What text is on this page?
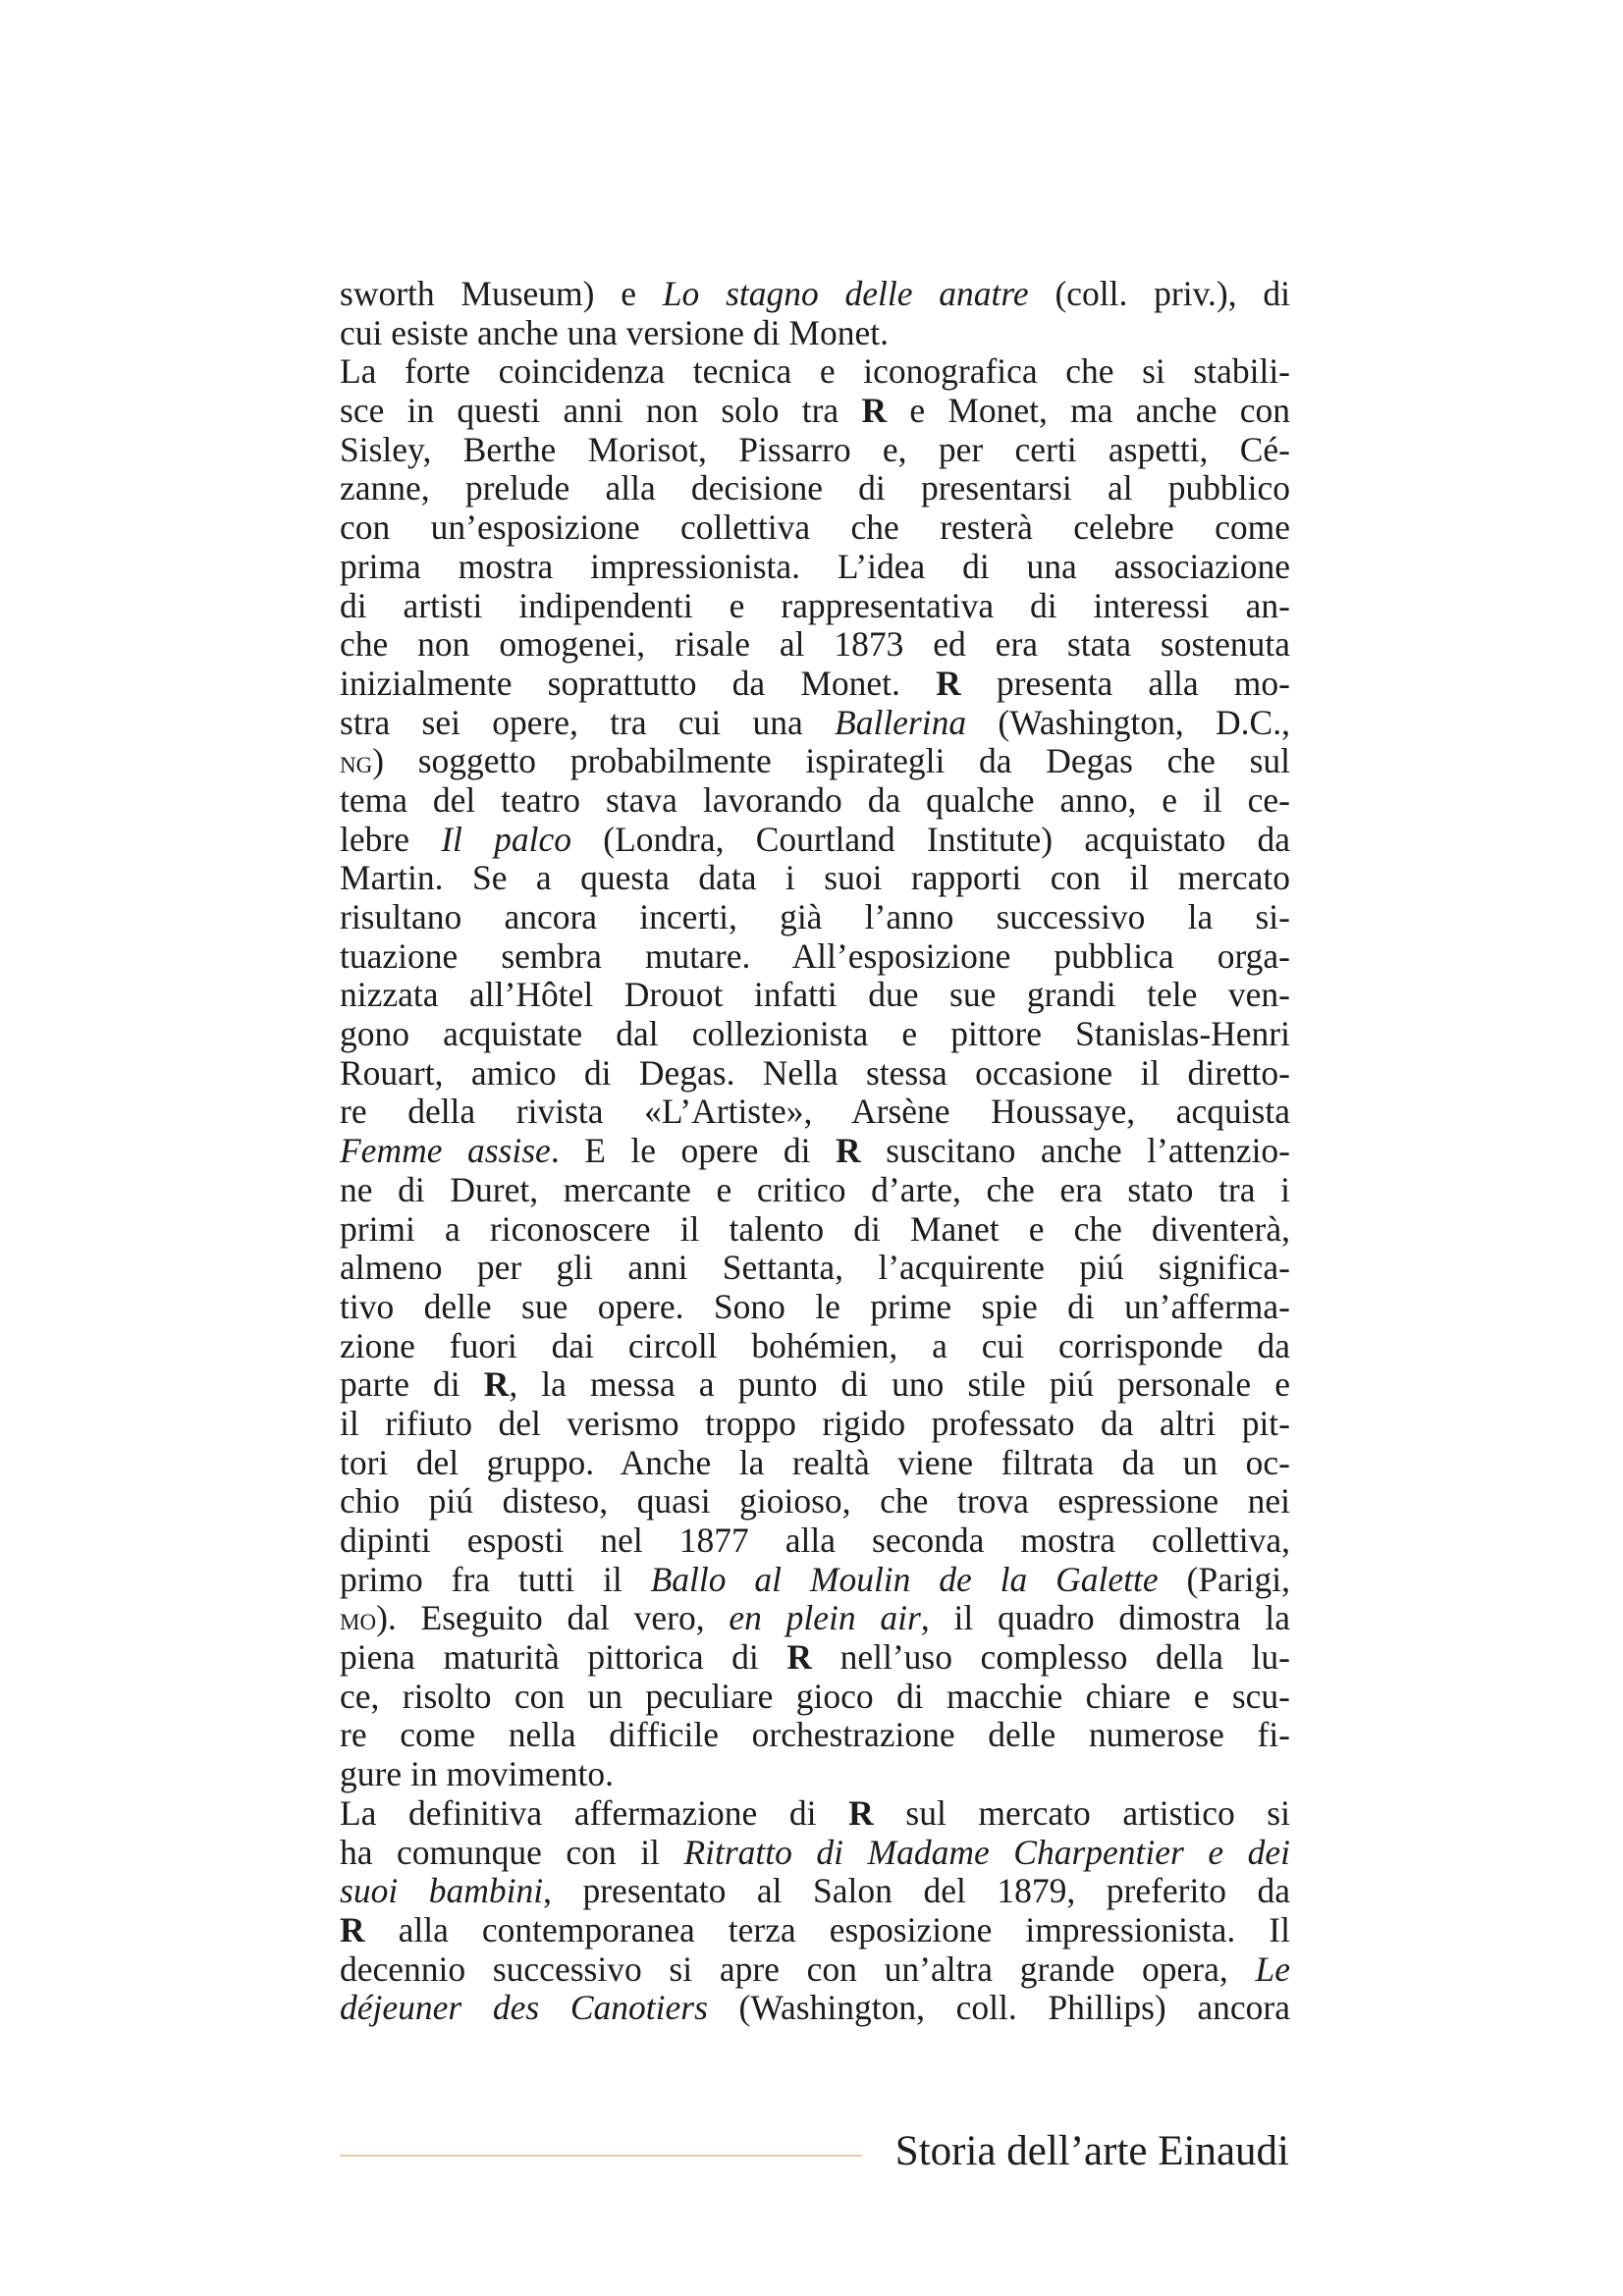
sworth Museum) e Lo stagno delle anatre (coll. priv.), di
cui esiste anche una versione di Monet.
La forte coincidenza tecnica e iconografica che si stabili-
sce in questi anni non solo tra R e Monet, ma anche con
Sisley, Berthe Morisot, Pissarro e, per certi aspetti, Cé-
zanne, prelude alla decisione di presentarsi al pubblico
con un’esposizione collettiva che resterà celebre come
prima mostra impressionista. L’idea di una associazione
di artisti indipendenti e rappresentativa di interessi an-
che non omogenei, risale al 1873 ed era stata sostenuta
inizialmente soprattutto da Monet. R presenta alla mo-
stra sei opere, tra cui una Ballerina (Washington, D.C.,
ng) soggetto probabilmente ispirategli da Degas che sul
tema del teatro stava lavorando da qualche anno, e il ce-
lebre Il palco (Londra, Courtland Institute) acquistato da
Martin. Se a questa data i suoi rapporti con il mercato
risultano ancora incerti, già l’anno successivo la si-
tuazione sembra mutare. All’esposizione pubblica orga-
nizzata all’Hôtel Drouot infatti due sue grandi tele ven-
gono acquistate dal collezionista e pittore Stanislas-Henri
Rouart, amico di Degas. Nella stessa occasione il diretto-
re della rivista «L’Artiste», Arsène Houssaye, acquista
Femme assise. E le opere di R suscitano anche l’attenzio-
ne di Duret, mercante e critico d’arte, che era stato tra i
primi a riconoscere il talento di Manet e che diventerà,
almeno per gli anni Settanta, l’acquirente piú significa-
tivo delle sue opere. Sono le prime spie di un’afferma-
zione fuori dai circoll bohémien, a cui corrisponde da
parte di R, la messa a punto di uno stile piú personale e
il rifiuto del verismo troppo rigido professato da altri pit-
tori del gruppo. Anche la realtà viene filtrata da un oc-
chio piú disteso, quasi gioioso, che trova espressione nei
dipinti esposti nel 1877 alla seconda mostra collettiva,
primo fra tutti il Ballo al Moulin de la Galette (Parigi,
mo). Eseguito dal vero, en plein air, il quadro dimostra la
piena maturità pittorica di R nell’uso complesso della lu-
ce, risolto con un peculiare gioco di macchie chiare e scu-
re come nella difficile orchestrazione delle numerose fi-
gure in movimento.
La definitiva affermazione di R sul mercato artistico si
ha comunque con il Ritratto di Madame Charpentier e dei
suoi bambini, presentato al Salon del 1879, preferito da
R alla contemporanea terza esposizione impressionista. Il
decennio successivo si apre con un’altra grande opera, Le
déjeuner des Canotiers (Washington, coll. Phillips) ancora
Storia dell’arte Einaudi
